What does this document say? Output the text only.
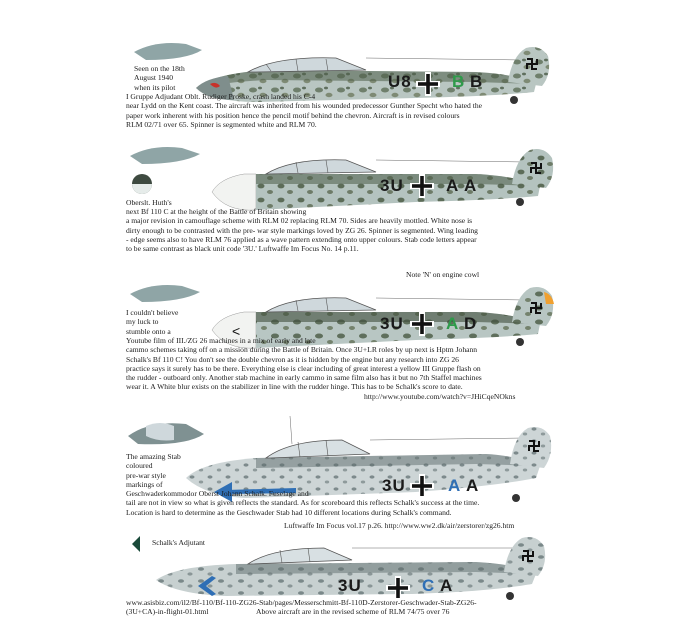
U8 B B
Seen on the 18th
August 1940
when its pilot
I Gruppe Adjudant Oblt. Rudiger Proske, crash landed his C-4
near Lydd on the Kent coast. The aircraft was inherited from his wounded predecessor Gunther Specht who hated the
paper work inherent with his position hence the pencil motif behind the chevron. Aircraft is in revised colours
RLM 02/71 over 65. Spinner is segmented white and RLM 70.
3U A A
Oberslt. Huth's
next Bf 110 C at the height of the Battle of Britain showing
a major revision in camouflage scheme with RLM 02 replacing RLM 70. Sides are heavily mottled. White nose is
dirty enough to be contrasted with the pre- war style markings loved by ZG 26. Spinner is segmented. Wing leading
- edge seems also to have RLM 76 applied as a wave pattern extending onto upper colours. Stab code letters appear
to be same contrast as black unit code '3U.' Luftwaffe Im Focus No. 14 p.11.
Note 'N' on engine cowl
<	3U A D
I couldn't believe
my luck to
stumble onto a
Youtube film of III./ZG 26 machines in a mix of early and late
cammo schemes taking off on a mission during the Battle of Britain. Once 3U+LR roles by up next is Hptm Johann
Schalk's Bf 110 C! You don't see the double chevron as it is hidden by the engine but any research into ZG 26
practice says it surely has to be there. Everything else is clear including of great interest a yellow III Gruppe flash on
the rudder - outboard only. Another stab machine in early cammo in same film also has it but no 7th Staffel machines
wear it. A White blur exists on the stabilizer in line with the rudder hinge. This has to be Schalk's score to date.
http://www.youtube.com/watch?v=JHiCqeNOkns
3U A A
The amazing Stab
coloured
pre-war style
markings of
Geschwaderkommodor Oberst Johann Schalk. Fuselage and
tail are not in view so what is given reflects the standard. As for scoreboard this reflects Schalk's success at the time.
Location is hard to determine as the Geschwader Stab had 10 different locations during Schalk's command.
Luftwaffe Im Focus vol.17 p.26. http://www.ww2.dk/air/zerstorer/zg26.htm
3U	C A
Schalk's Adjutant
www.asisbiz.com/il2/Bf-110/Bf-110-ZG26-Stab/pages/Messerschmitt-Bf-110D-Zerstorer-Geschwader-Stab-ZG26-
(3U+CA)-in-flight-01.html	Above aircraft are in the revised scheme of RLM 74/75 over 76
